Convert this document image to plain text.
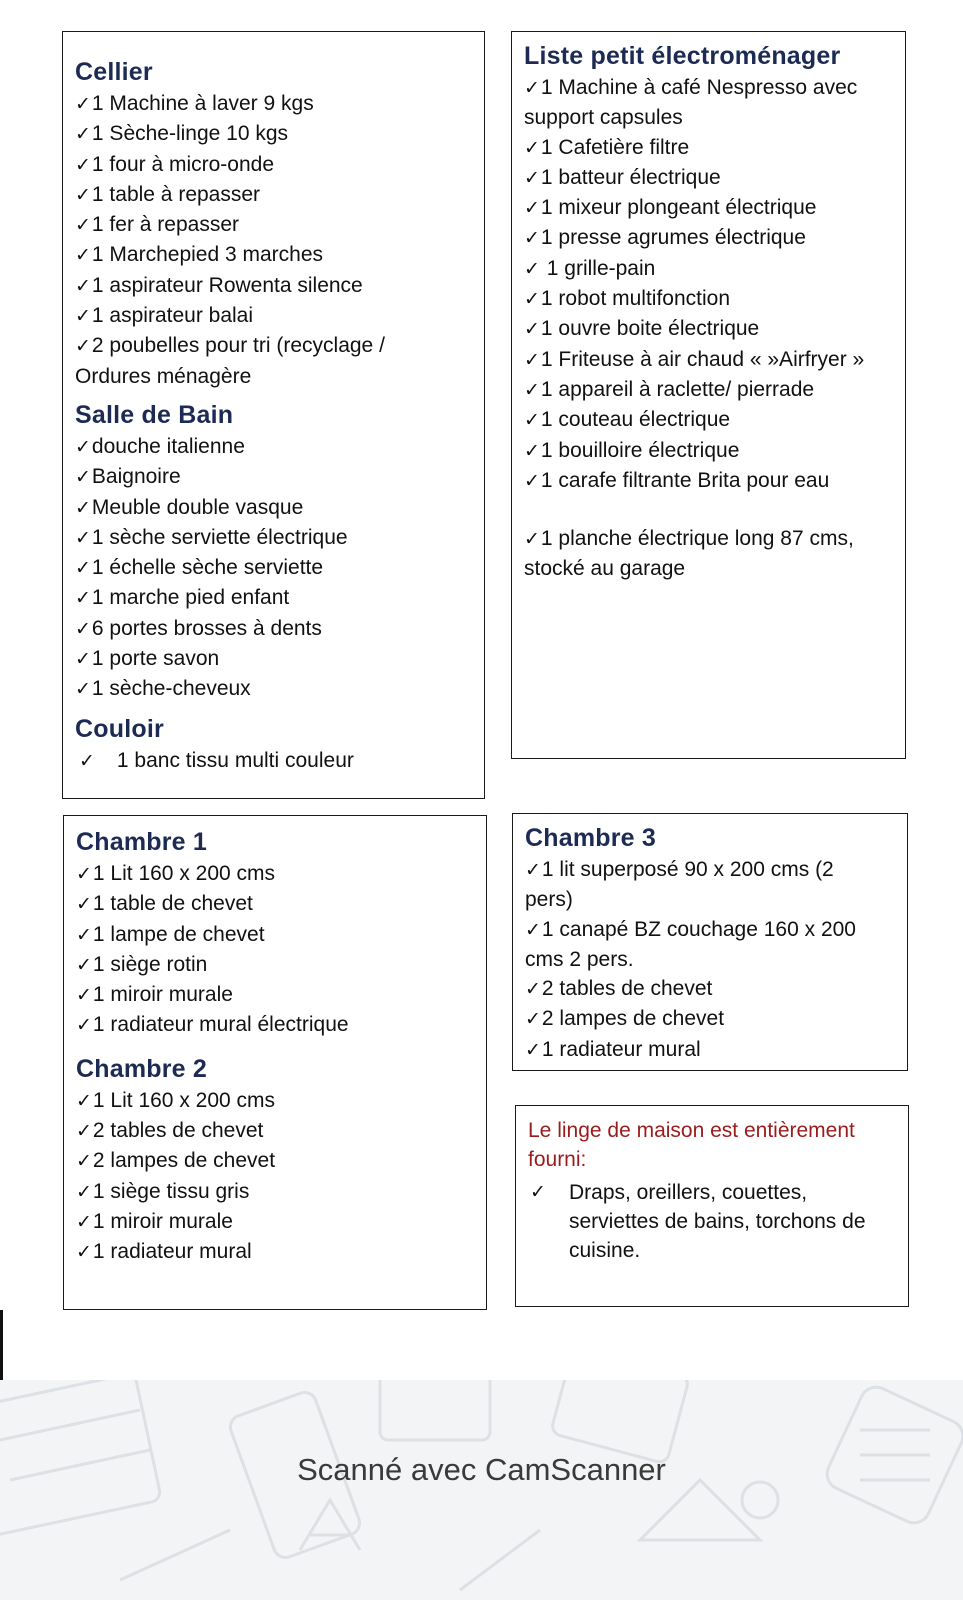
Cellier
✓1 Machine à laver 9 kgs
✓1 Sèche-linge 10 kgs
✓1 four à micro-onde
✓1 table à repasser
✓1 fer à repasser
✓1 Marchepied 3 marches
✓1 aspirateur Rowenta silence
✓1 aspirateur balai
✓2 poubelles pour tri (recyclage /
Ordures ménagère
Salle de Bain
✓douche italienne
✓Baignoire
✓Meuble double vasque
✓1 sèche serviette électrique
✓1 échelle sèche serviette
✓1 marche pied enfant
✓6 portes brosses à dents
✓1 porte savon
✓1 sèche-cheveux
Couloir
✓ 1 banc tissu multi couleur
Liste petit électroménager
✓1 Machine à café Nespresso avec
support capsules
✓1 Cafetière filtre
✓1 batteur électrique
✓1 mixeur plongeant électrique
✓1 presse agrumes électrique
✓ 1 grille-pain
✓1 robot multifonction
✓1 ouvre boite électrique
✓1 Friteuse à air chaud « »Airfryer »
✓1 appareil à raclette/ pierrade
✓1 couteau électrique
✓1 bouilloire électrique
✓1 carafe filtrante Brita pour eau
✓1 planche électrique long 87 cms,
stocké au garage
Chambre 1
✓1 Lit 160 x 200 cms
✓1 table de chevet
✓1 lampe de chevet
✓1 siège rotin
✓1 miroir murale
✓1 radiateur mural électrique
Chambre 2
✓1 Lit 160 x 200 cms
✓2 tables de chevet
✓2 lampes de chevet
✓1 siège tissu gris
✓1 miroir murale
✓1 radiateur mural
Chambre 3
✓1 lit superposé 90 x 200 cms (2
pers)
✓1 canapé BZ couchage 160 x 200
cms 2 pers.
✓2 tables de chevet
✓2 lampes de chevet
✓1 radiateur mural
Le linge de maison est entièrement
fourni:
✓	Draps, oreillers, couettes,
serviettes de bains, torchons de
cuisine.
Scanné avec CamScanner
